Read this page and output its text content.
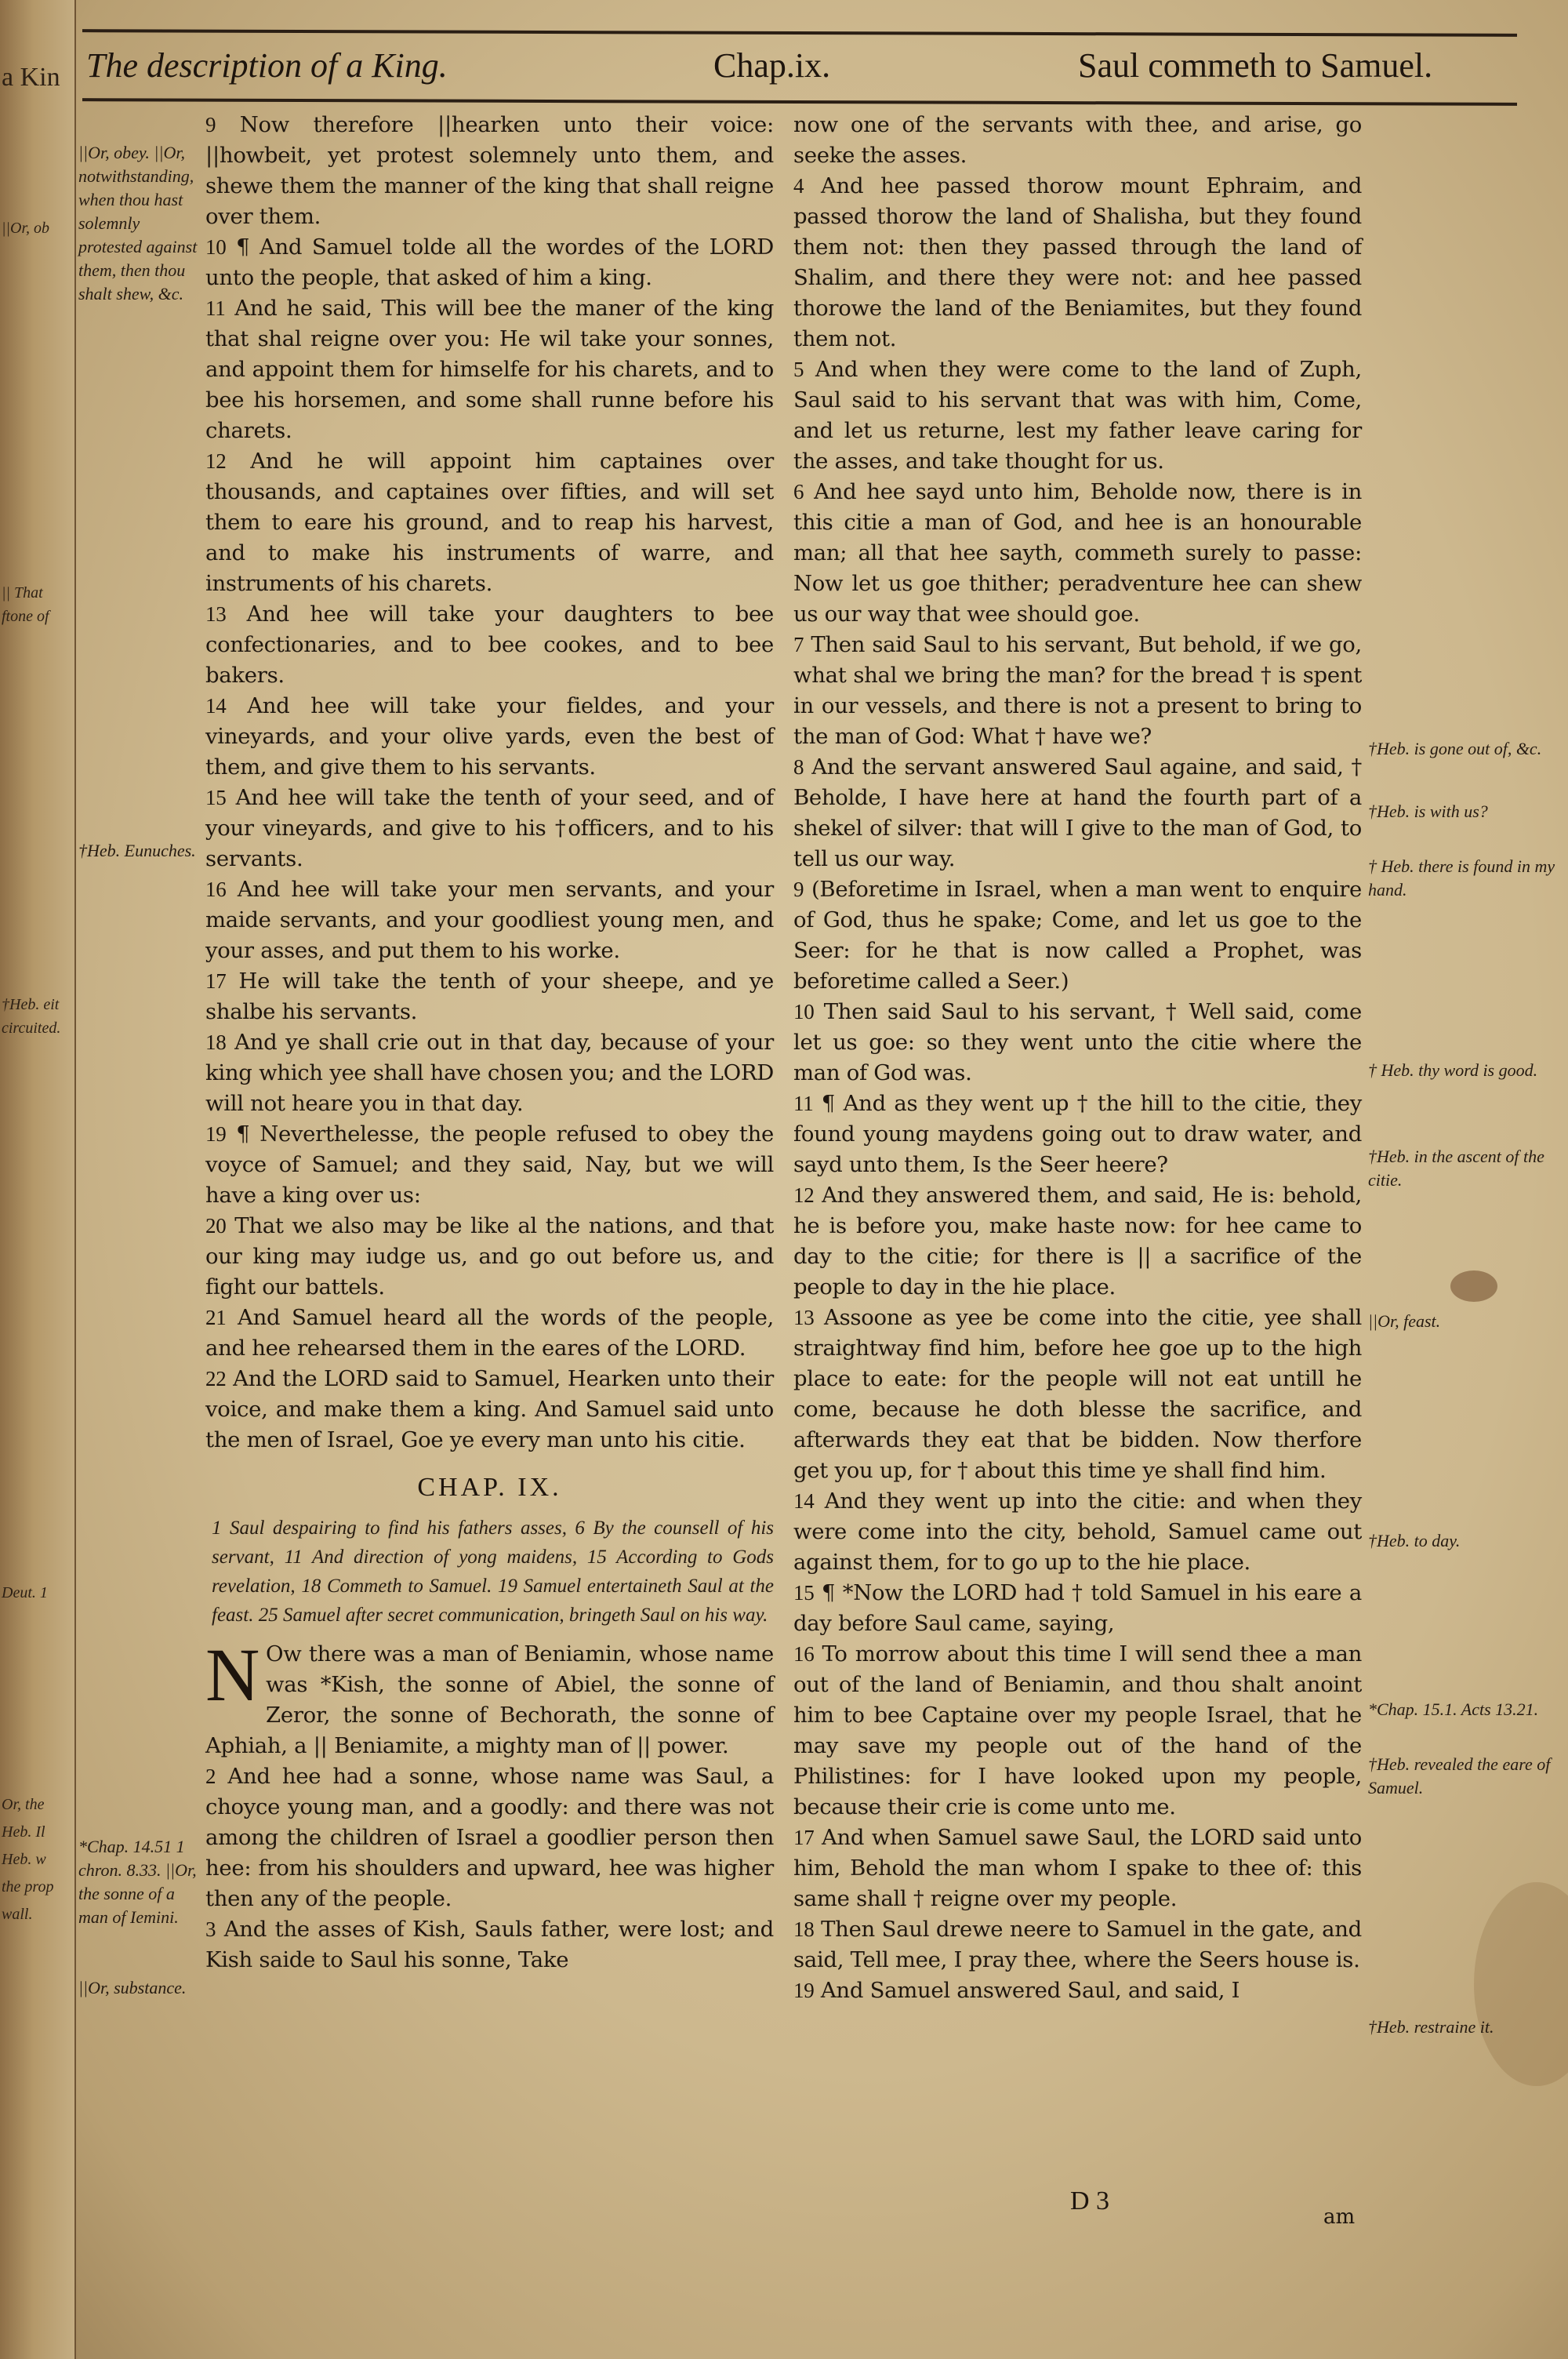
a Kin
||Or, ob
|| That
ftone of
†Heb. eit
circuited.
Deut. 1
Or, the
Heb. Il
Heb. w
the prop
wall.
The description of a King.	Chap.ix.	Saul commeth to Samuel.
||Or, obey. ||Or, notwithstanding, when thou hast solemnly protested against them, then thou shalt shew, &c.
†Heb. Eunuches.
*Chap. 14.51 1 chron. 8.33. ||Or, the sonne of a man of Iemini.
||Or, substance.

9 Now therefore ||hearken unto their voice: ||howbeit, yet protest solemnely unto them, and shewe them the manner of the king that shall reigne over them.

10 ¶ And Samuel tolde all the wordes of the LORD unto the people, that asked of him a king.

11 And he said, This will bee the maner of the king that shal reigne over you: He wil take your sonnes, and appoint them for himselfe for his charets, and to bee his horsemen, and some shall runne before his charets.

12 And he will appoint him captaines over thousands, and captaines over fifties, and will set them to eare his ground, and to reap his harvest, and to make his instruments of warre, and instruments of his charets.

13 And hee will take your daughters to bee confectionaries, and to bee cookes, and to bee bakers.

14 And hee will take your fieldes, and your vineyards, and your olive yards, even the best of them, and give them to his servants.

15 And hee will take the tenth of your seed, and of your vineyards, and give to his †officers, and to his servants.

16 And hee will take your men servants, and your maide servants, and your goodliest young men, and your asses, and put them to his worke.

17 He will take the tenth of your sheepe, and ye shalbe his servants.

18 And ye shall crie out in that day, because of your king which yee shall have chosen you; and the LORD will not heare you in that day.

19 ¶ Neverthelesse, the people refused to obey the voyce of Samuel; and they said, Nay, but we will have a king over us:

20 That we also may be like al the nations, and that our king may iudge us, and go out before us, and fight our battels.

21 And Samuel heard all the words of the people, and hee rehearsed them in the eares of the LORD.

22 And the LORD said to Samuel, Hearken unto their voice, and make them a king. And Samuel said unto the men of Israel, Goe ye every man unto his citie.

CHAP. IX.

1 Saul despairing to find his fathers asses, 6 By the counsell of his servant, 11 And direction of yong maidens, 15 According to Gods revelation, 18 Commeth to Samuel. 19 Samuel entertaineth Saul at the feast. 25 Samuel after secret communication, bringeth Saul on his way.

N Ow there was a man of Beniamin, whose name was *Kish, the sonne of Abiel, the sonne of Zeror, the sonne of Bechorath, the sonne of Aphiah, a || Beniamite, a mighty man of || power.

2 And hee had a sonne, whose name was Saul, a choyce young man, and a goodly: and there was not among the children of Israel a goodlier person then hee: from his shoulders and upward, hee was higher then any of the people.

3 And the asses of Kish, Sauls father, were lost; and Kish saide to Saul his sonne, Take

now one of the servants with thee, and arise, go seeke the asses.

4 And hee passed thorow mount Ephraim, and passed thorow the land of Shalisha, but they found them not: then they passed through the land of Shalim, and there they were not: and hee passed thorowe the land of the Beniamites, but they found them not.

5 And when they were come to the land of Zuph, Saul said to his servant that was with him, Come, and let us returne, lest my father leave caring for the asses, and take thought for us.

6 And hee sayd unto him, Beholde now, there is in this citie a man of God, and hee is an honourable man; all that hee sayth, commeth surely to passe: Now let us goe thither; peradventure hee can shew us our way that wee should goe.

7 Then said Saul to his servant, But behold, if we go, what shal we bring the man? for the bread † is spent in our vessels, and there is not a present to bring to the man of God: What † have we?

8 And the servant answered Saul againe, and said, † Beholde, I have here at hand the fourth part of a shekel of silver: that will I give to the man of God, to tell us our way.

9 (Beforetime in Israel, when a man went to enquire of God, thus he spake; Come, and let us goe to the Seer: for he that is now called a Prophet, was beforetime called a Seer.)

10 Then said Saul to his servant, † Well said, come let us goe: so they went unto the citie where the man of God was.

11 ¶ And as they went up † the hill to the citie, they found young maydens going out to draw water, and sayd unto them, Is the Seer heere?

12 And they answered them, and said, He is: behold, he is before you, make haste now: for hee came to day to the citie; for there is || a sacrifice of the people to day in the hie place.

13 Assoone as yee be come into the citie, yee shall straightway find him, before hee goe up to the high place to eate: for the people will not eat untill he come, because he doth blesse the sacrifice, and afterwards they eat that be bidden. Now therfore get you up, for † about this time ye shall find him.

14 And they went up into the citie: and when they were come into the city, behold, Samuel came out against them, for to go up to the hie place.

15 ¶ *Now the LORD had † told Samuel in his eare a day before Saul came, saying,

16 To morrow about this time I will send thee a man out of the land of Beniamin, and thou shalt anoint him to bee Captaine over my people Israel, that he may save my people out of the hand of the Philistines: for I have looked upon my people, because their crie is come unto me.

17 And when Samuel sawe Saul, the LORD said unto him, Behold the man whom I spake to thee of: this same shall † reigne over my people.

18 Then Saul drewe neere to Samuel in the gate, and said, Tell mee, I pray thee, where the Seers house is.

19 And Samuel answered Saul, and said, I

†Heb. is gone out of, &c.
†Heb. is with us?
† Heb. there is found in my hand.
† Heb. thy word is good.
†Heb. in the ascent of the citie.
||Or, feast.
†Heb. to day.
*Chap. 15.1. Acts 13.21.
†Heb. revealed the eare of Samuel.
†Heb. restraine it.
D 3
am
